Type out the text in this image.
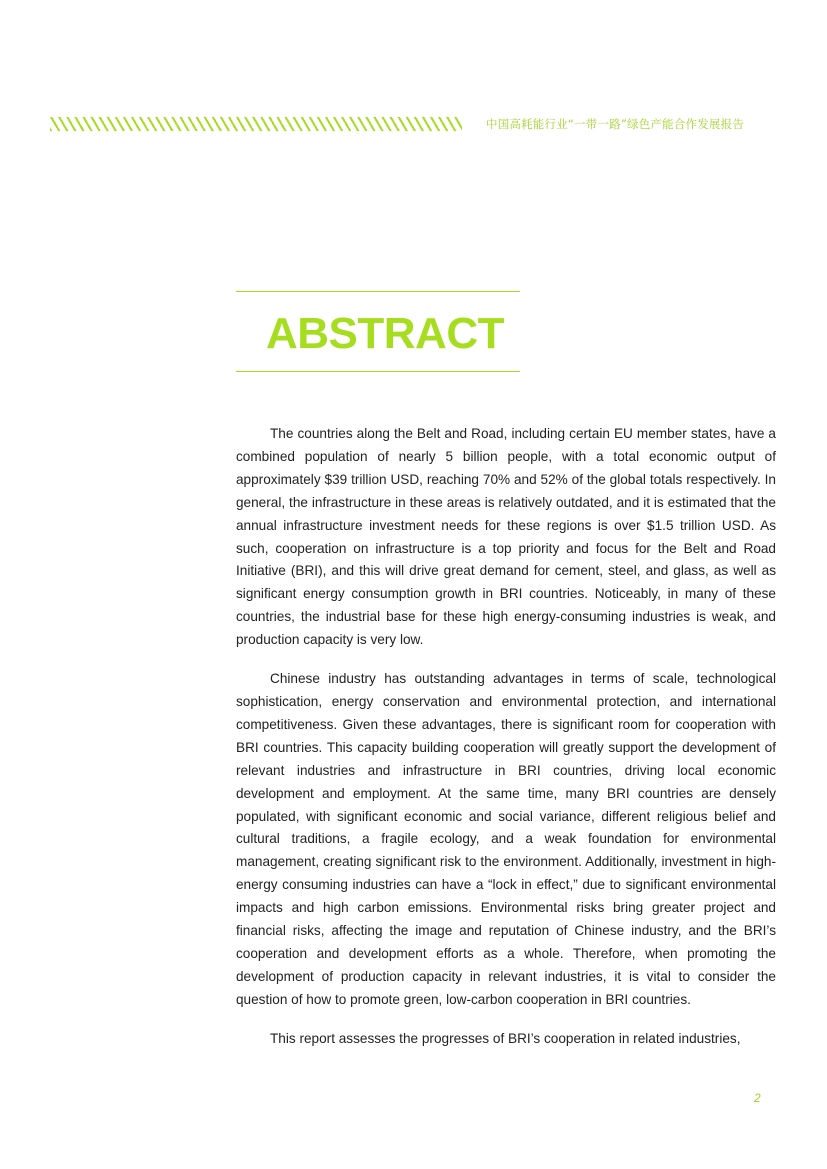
中国高耗能行业“一带一路”绿色产能合作发展报告
ABSTRACT

The countries along the Belt and Road, including certain EU member states, have a combined population of nearly 5 billion people, with a total economic output of approximately $39 trillion USD, reaching 70% and 52% of the global totals respectively. In general, the infrastructure in these areas is relatively outdated, and it is estimated that the annual infrastructure investment needs for these regions is over $1.5 trillion USD. As such, cooperation on infrastructure is a top priority and focus for the Belt and Road Initiative (BRI), and this will drive great demand for cement, steel, and glass, as well as significant energy consumption growth in BRI countries. Noticeably, in many of these countries, the industrial base for these high energy-consuming industries is weak, and production capacity is very low.

Chinese industry has outstanding advantages in terms of scale, technological sophistication, energy conservation and environmental protection, and international competitiveness. Given these advantages, there is significant room for cooperation with BRI countries. This capacity building cooperation will greatly support the development of relevant industries and infrastructure in BRI countries, driving local economic development and employment. At the same time, many BRI countries are densely populated, with significant economic and social variance, different religious belief and cultural traditions, a fragile ecology, and a weak foundation for environmental management, creating significant risk to the environment. Additionally, investment in high-energy consuming industries can have a “lock in effect,” due to significant environmental impacts and high carbon emissions. Environmental risks bring greater project and financial risks, affecting the image and reputation of Chinese industry, and the BRI’s cooperation and development efforts as a whole. Therefore, when promoting the development of production capacity in relevant industries, it is vital to consider the question of how to promote green, low-carbon cooperation in BRI countries.

This report assesses the progresses of BRI’s cooperation in related industries,

2
